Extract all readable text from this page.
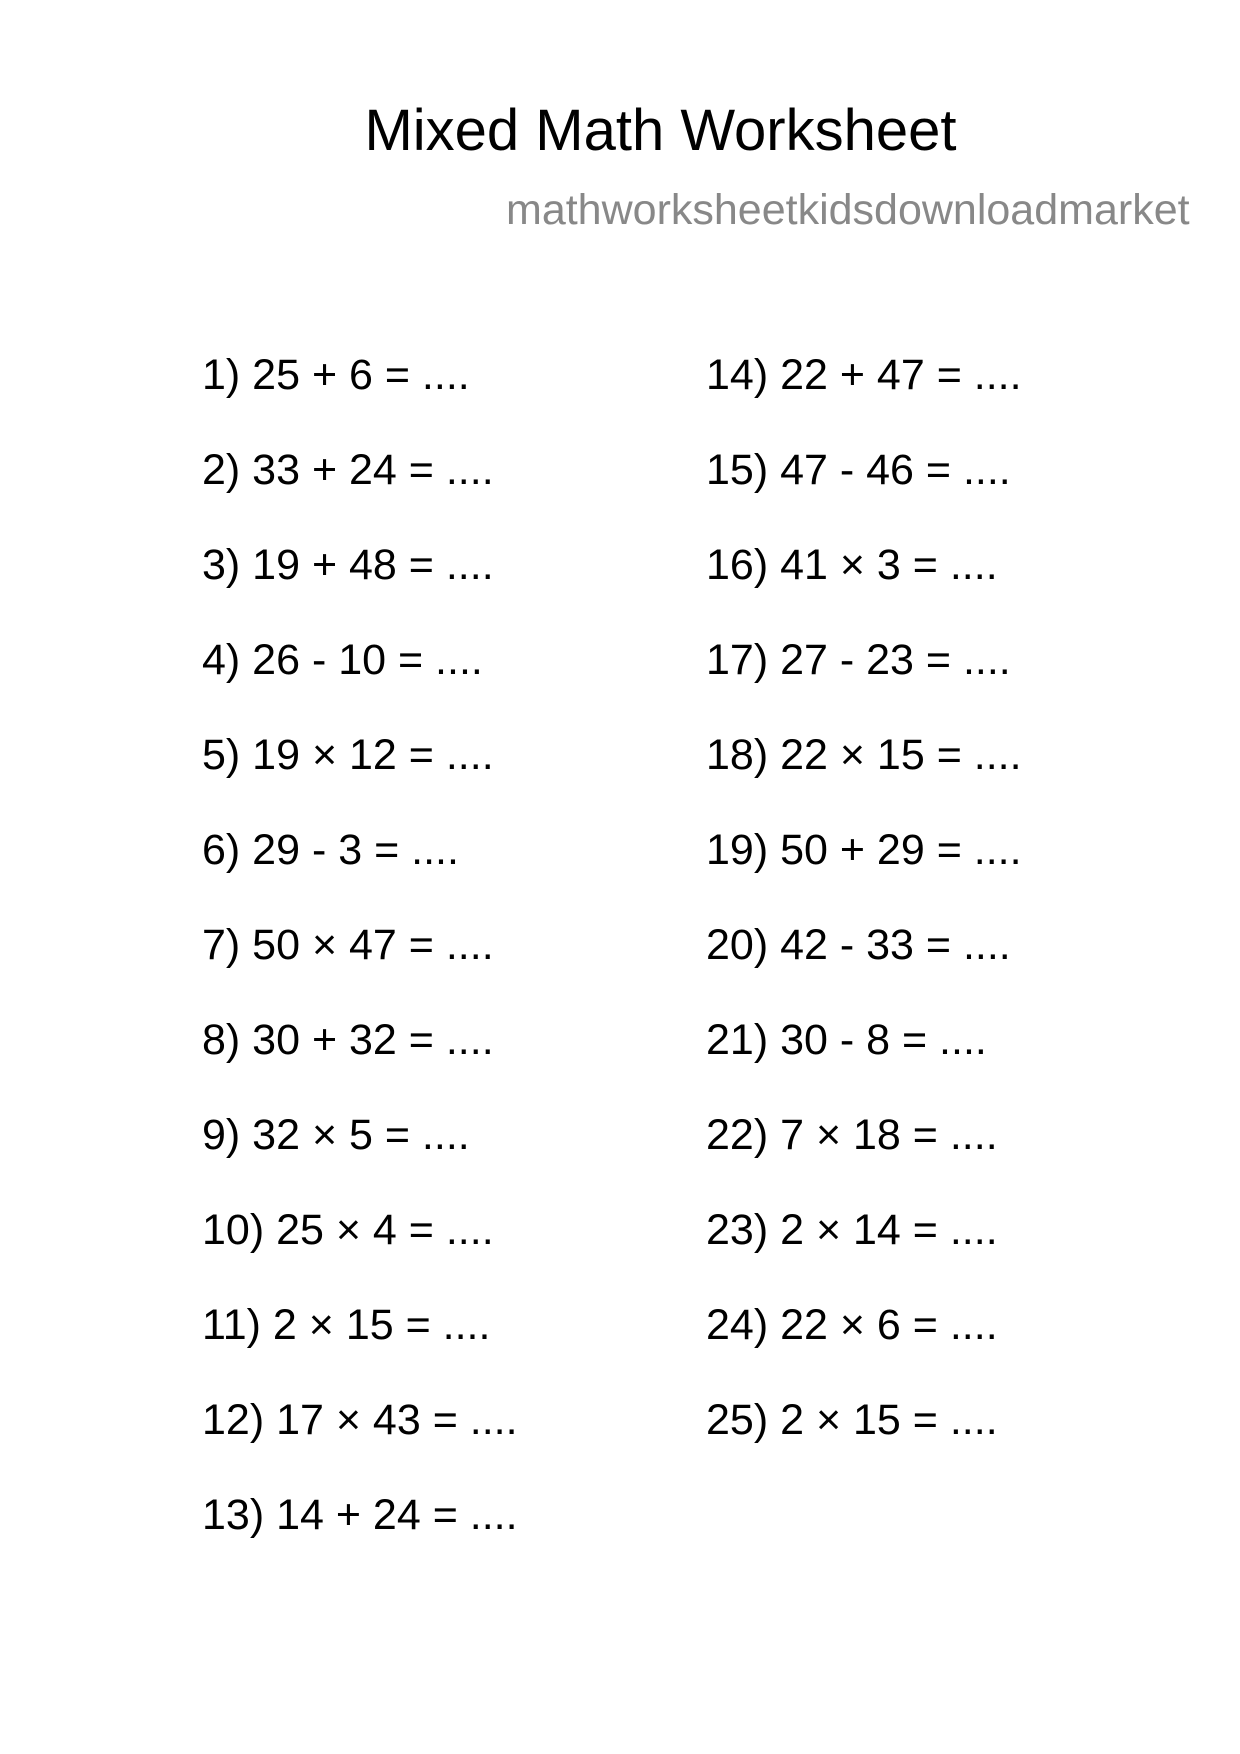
Mixed Math Worksheet
mathworksheetkidsdownloadmarket
1) 25 + 6 = ....
2) 33 + 24 = ....
3) 19 + 48 = ....
4) 26 - 10 = ....
5) 19 × 12 = ....
6) 29 - 3 = ....
7) 50 × 47 = ....
8) 30 + 32 = ....
9) 32 × 5 = ....
10) 25 × 4 = ....
11) 2 × 15 = ....
12) 17 × 43 = ....
13) 14 + 24 = ....
14) 22 + 47 = ....
15) 47 - 46 = ....
16) 41 × 3 = ....
17) 27 - 23 = ....
18) 22 × 15 = ....
19) 50 + 29 = ....
20) 42 - 33 = ....
21) 30 - 8 = ....
22) 7 × 18 = ....
23) 2 × 14 = ....
24) 22 × 6 = ....
25) 2 × 15 = ....
